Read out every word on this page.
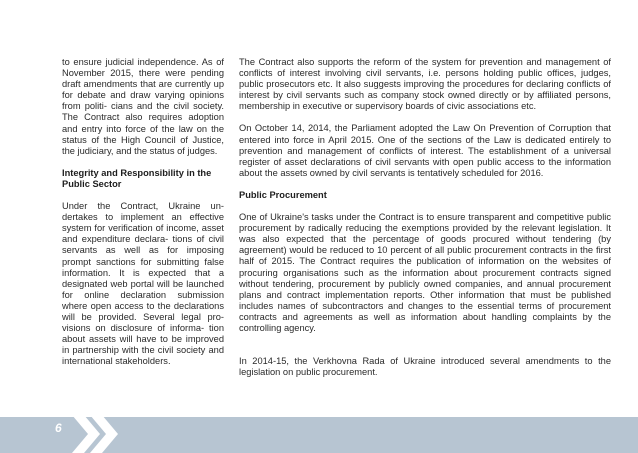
to ensure judicial independence. As of November 2015, there were pending draft amendments that are currently up for debate and draw varying opinions from politi- cians and the civil society. The Contract also requires adoption and entry into force of the law on the status of the High Council of Justice, the judiciary, and the status of judges.

Integrity and Responsibility in the Public Sector

Under the Contract, Ukraine un- dertakes to implement an effective system for verification of income, asset and expenditure declara- tions of civil servants as well as for imposing prompt sanctions for submitting false information. It is expected that a designated web portal will be launched for online declaration submission where open access to the declarations will be provided. Several legal pro- visions on disclosure of informa- tion about assets will have to be improved in partnership with the civil society and international stakeholders.

The Contract also supports the reform of the system for prevention and management of conflicts of interest involving civil servants, i.e. persons holding public offices, judges, public prosecutors etc. It also suggests improving the procedures for declaring conflicts of interest by civil servants such as company stock owned directly or by affiliated persons, membership in executive or supervisory boards of civic associations etc.

On October 14, 2014, the Parliament adopted the Law On Prevention of Corruption that entered into force in April 2015. One of the sections of the Law is dedicated entirely to prevention and management of conflicts of interest. The establishment of a universal register of asset declarations of civil servants with open public access to the information about the assets owned by civil servants is tentatively scheduled for 2016.

Public Procurement

One of Ukraine's tasks under the Contract is to ensure transparent and competitive public procurement by radically reducing the exemptions provided by the relevant legislation. It was also expected that the percentage of goods procured without tendering (by agreement) would be reduced to 10 percent of all public procurement contracts in the first half of 2015. The Contract requires the publication of information on the websites of procuring organisations such as the information about procurement contracts signed without tendering, procurement by publicly owned companies, and annual procurement plans and contract implementation reports. Other information that must be published includes names of subcontractors and changes to the essential terms of procurement contracts and agreements as well as information about handling complaints by the controlling agency.

In 2014-15, the Verkhovna Rada of Ukraine introduced several amendments to the legislation on public procurement.

6
